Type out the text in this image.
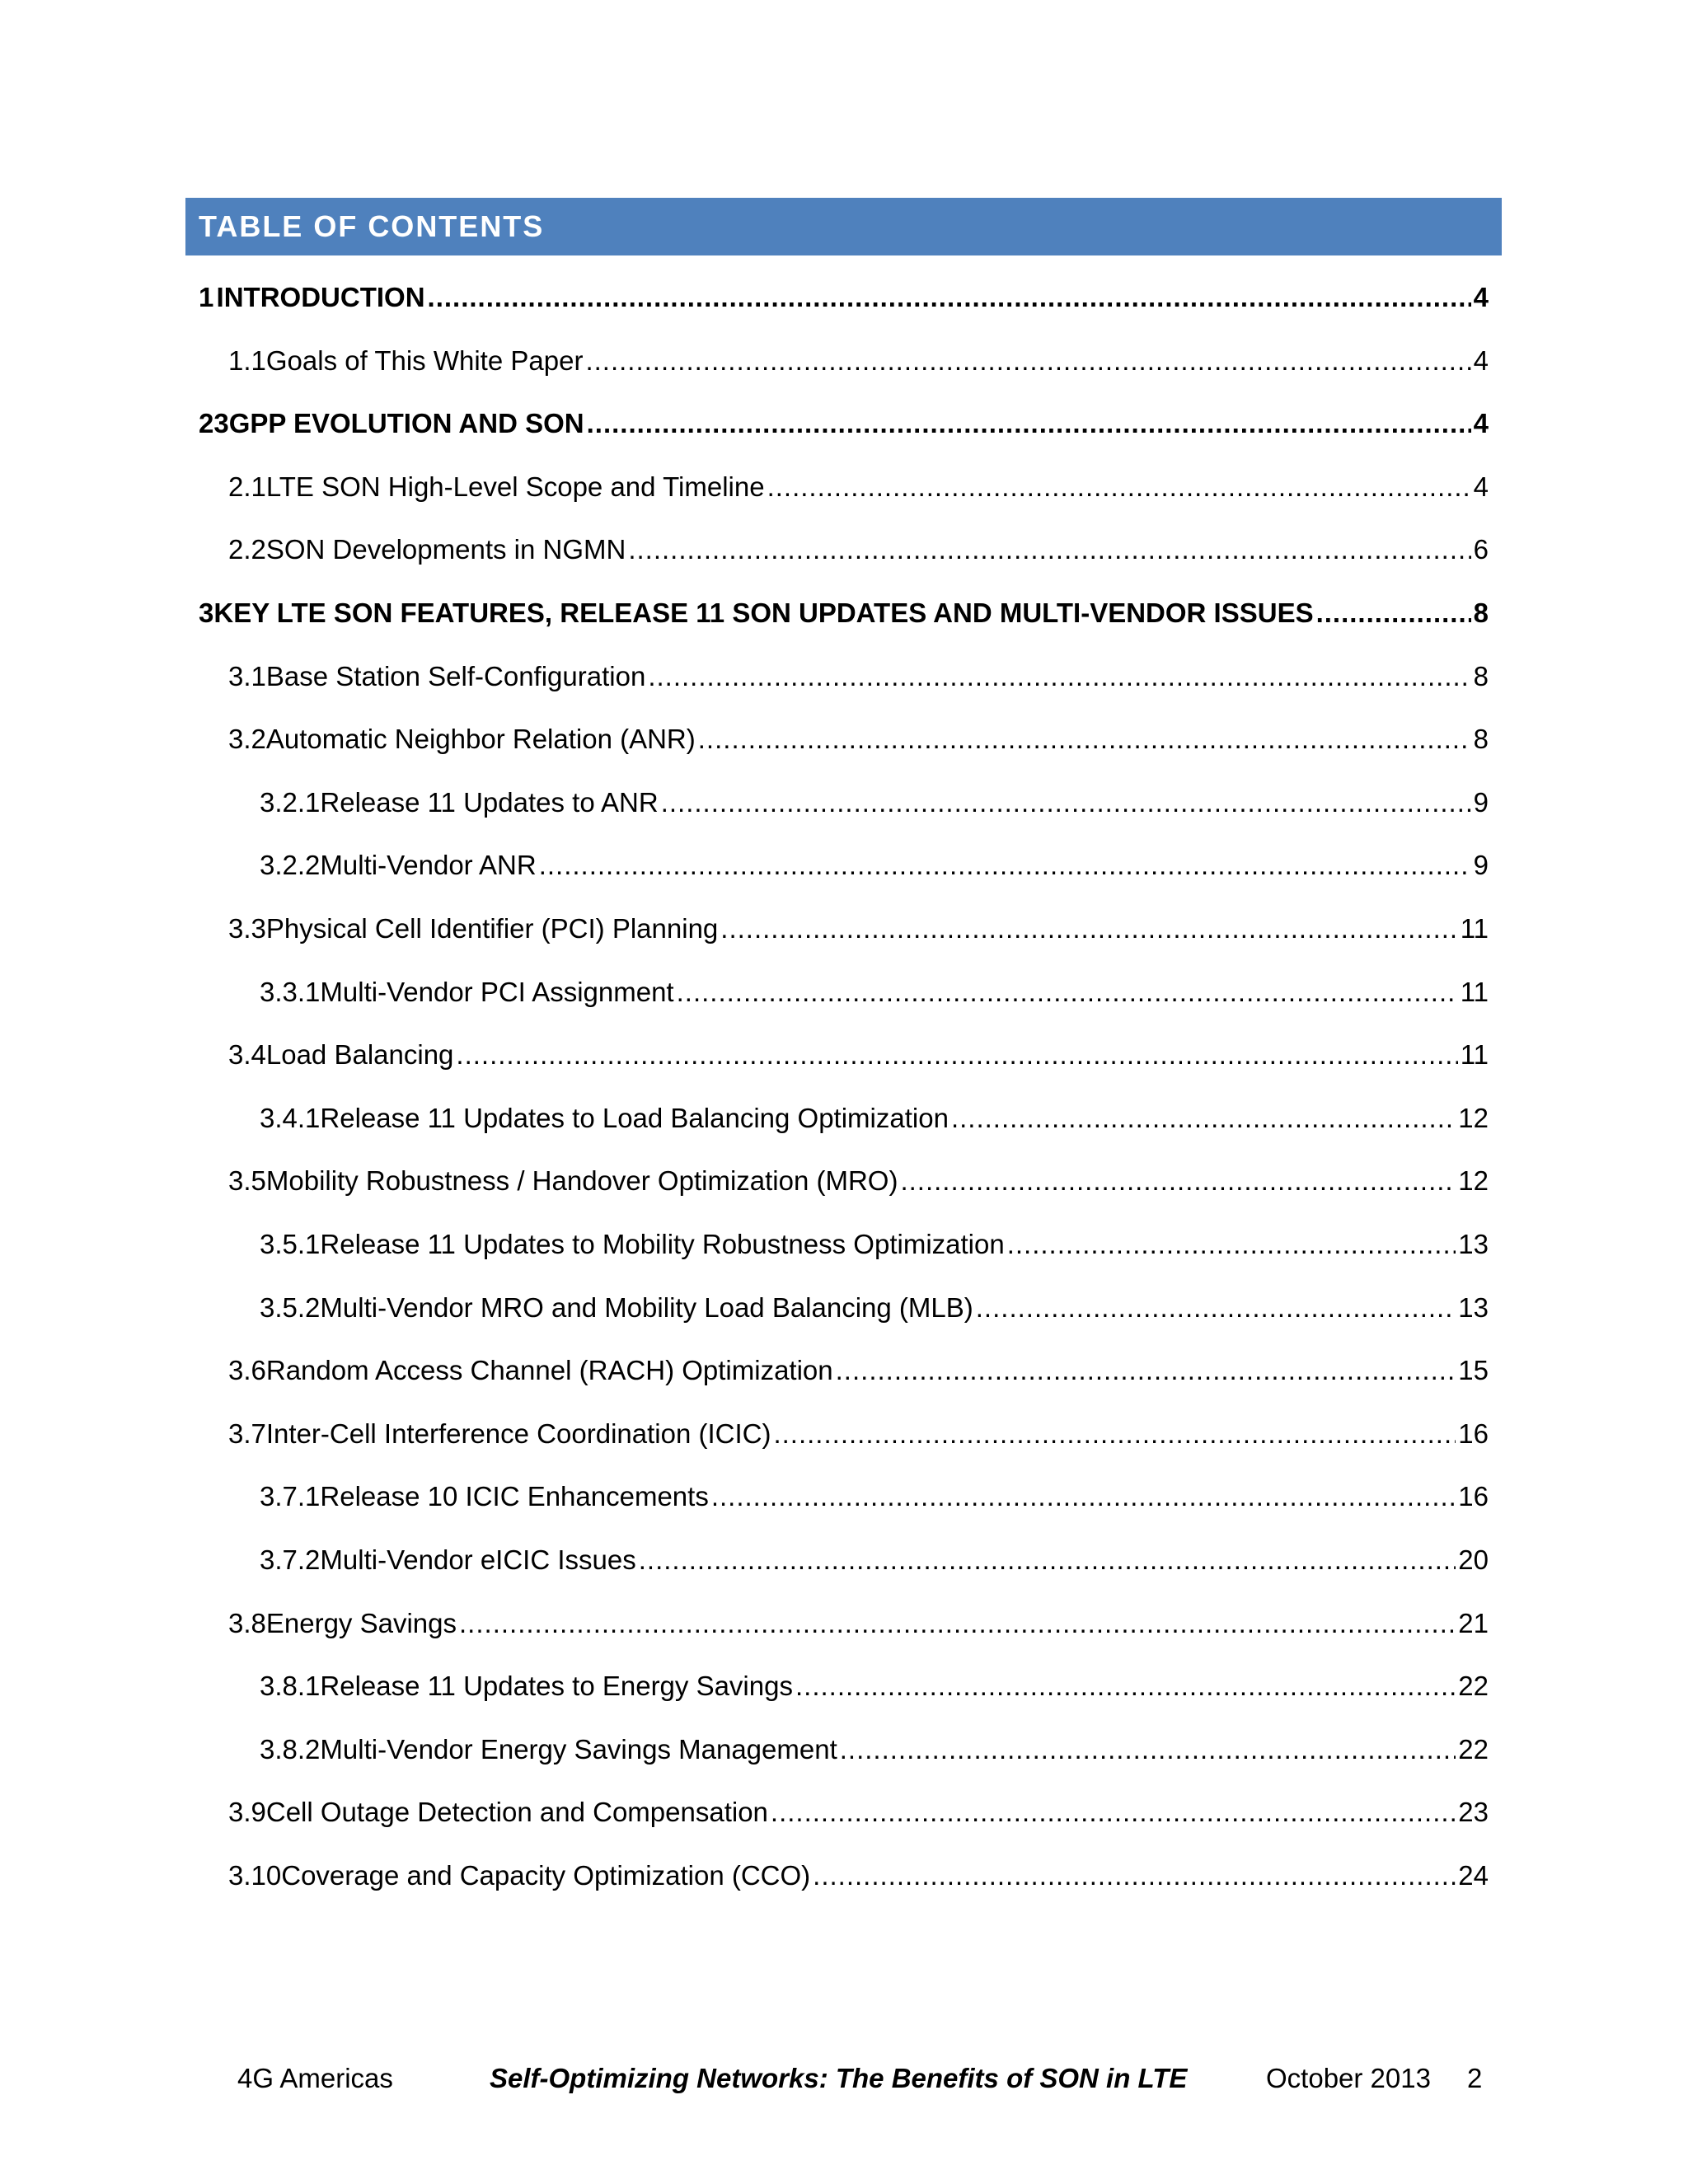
TABLE OF CONTENTS
1 INTRODUCTION .....	4
1.1 Goals of This White Paper .....	4
2 3GPP EVOLUTION AND SON .....	4
2.1 LTE SON High-Level Scope and Timeline .....	4
2.2 SON Developments in NGMN .....	6
3 KEY LTE SON FEATURES, RELEASE 11 SON UPDATES AND MULTI-VENDOR ISSUES .....	8
3.1 Base Station Self-Configuration .....	8
3.2 Automatic Neighbor Relation (ANR) .....	8
3.2.1 Release 11 Updates to ANR .....	9
3.2.2 Multi-Vendor ANR .....	9
3.3 Physical Cell Identifier (PCI) Planning .....	11
3.3.1 Multi-Vendor PCI Assignment .....	11
3.4 Load Balancing .....	11
3.4.1 Release 11 Updates to Load Balancing Optimization .....	12
3.5 Mobility Robustness / Handover Optimization (MRO) .....	12
3.5.1 Release 11 Updates to Mobility Robustness Optimization .....	13
3.5.2 Multi-Vendor MRO and Mobility Load Balancing (MLB) .....	13
3.6 Random Access Channel (RACH) Optimization .....	15
3.7 Inter-Cell Interference Coordination (ICIC) .....	16
3.7.1 Release 10 ICIC Enhancements .....	16
3.7.2 Multi-Vendor eICIC Issues .....	20
3.8 Energy Savings .....	21
3.8.1 Release 11 Updates to Energy Savings .....	22
3.8.2 Multi-Vendor Energy Savings Management .....	22
3.9 Cell Outage Detection and Compensation .....	23
3.10 Coverage and Capacity Optimization (CCO) .....	24
4G Americas	Self-Optimizing Networks: The Benefits of SON in LTE	October 2013 2
